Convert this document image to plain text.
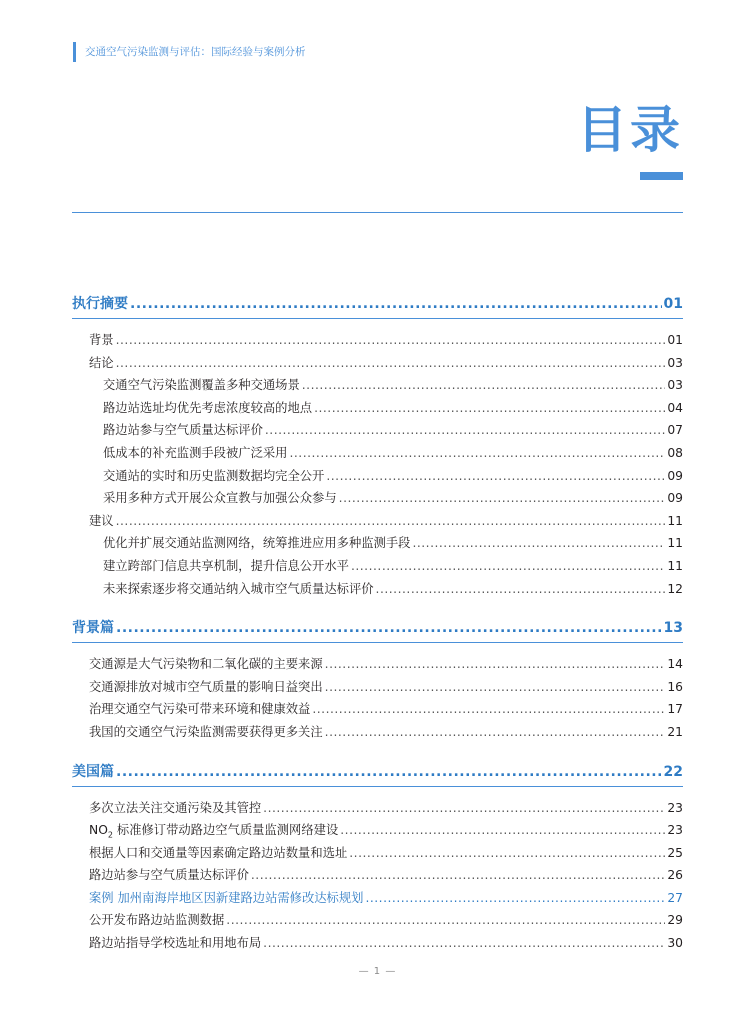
交通空气污染监测与评估：国际经验与案例分析
目录
执行摘要 .....	01
背景 .....	01
结论 .....	03
交通空气污染监测覆盖多种交通场景 .....	03
路边站选址均优先考虑浓度较高的地点 .....	04
路边站参与空气质量达标评价 .....	07
低成本的补充监测手段被广泛采用 .....	08
交通站的实时和历史监测数据均完全公开 .....	09
采用多种方式开展公众宣教与加强公众参与 .....	09
建议 .....	11
优化并扩展交通站监测网络，统筹推进应用多种监测手段 .....	11
建立跨部门信息共享机制，提升信息公开水平 .....	11
未来探索逐步将交通站纳入城市空气质量达标评价 .....	12
背景篇 .....	13
交通源是大气污染物和二氧化碳的主要来源 .....	14
交通源排放对城市空气质量的影响日益突出 .....	16
治理交通空气污染可带来环境和健康效益 .....	17
我国的交通空气污染监测需要获得更多关注 .....	21
美国篇 .....	22
多次立法关注交通污染及其管控 .....	23
$NO_2$ 标准修订带动路边空气质量监测网络建设 .....	23
根据人口和交通量等因素确定路边站数量和选址 .....	25
路边站参与空气质量达标评价 .....	26
案例 加州南海岸地区因新建路边站需修改达标规划 .....	27
公开发布路边站监测数据 .....	29
路边站指导学校选址和用地布局 .....	30
— 1 —
